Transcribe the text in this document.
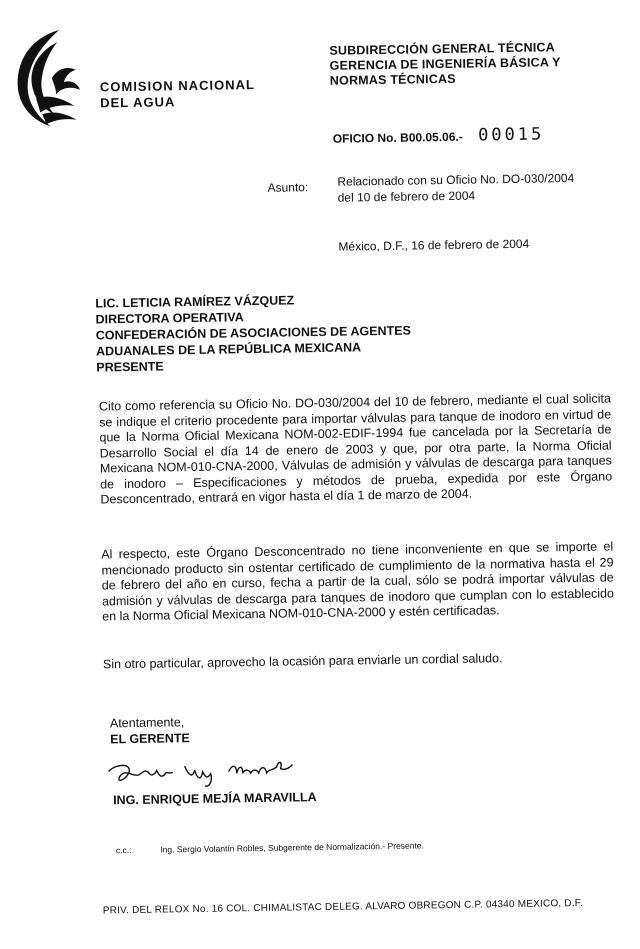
COMISION NACIONAL
DEL AGUA
SUBDIRECCIÓN GENERAL TÉCNICA
GERENCIA DE INGENIERÍA BÁSICA Y
NORMAS TÉCNICAS
OFICIO No. B00.05.06.- 00015
Asunto: Relacionado con su Oficio No. DO-030/2004
del 10 de febrero de 2004
México, D.F., 16 de febrero de 2004
LIC. LETICIA RAMÍREZ VÁZQUEZ
DIRECTORA OPERATIVA
CONFEDERACIÓN DE ASOCIACIONES DE AGENTES
ADUANALES DE LA REPÚBLICA MEXICANA
PRESENTE
Cito como referencia su Oficio No. DO-030/2004 del 10 de febrero, mediante el cual solicita se indique el criterio procedente para importar válvulas para tanque de inodoro en virtud de que la Norma Oficial Mexicana NOM-002-EDIF-1994 fue cancelada por la Secretaría de Desarrollo Social el día 14 de enero de 2003 y que, por otra parte, la Norma Oficial Mexicana NOM-010-CNA-2000, Válvulas de admisión y válvulas de descarga para tanques de inodoro – Especificaciones y métodos de prueba, expedida por este Órgano Desconcentrado, entrará en vigor hasta el día 1 de marzo de 2004.
Al respecto, este Órgano Desconcentrado no tiene inconveniente en que se importe el mencionado producto sin ostentar certificado de cumplimiento de la normativa hasta el 29 de febrero del año en curso, fecha a partir de la cual, sólo se podrá importar válvulas de admisión y válvulas de descarga para tanques de inodoro que cumplan con lo establecido en la Norma Oficial Mexicana NOM-010-CNA-2000 y estén certificadas.
Sin otro particular, aprovecho la ocasión para enviarle un cordial saludo.
Atentamente,
EL GERENTE
ING. ENRIQUE MEJÍA MARAVILLA
c.c.:	Ing. Sergio Volantín Robles, Subgerente de Normalización.- Presente.
PRIV. DEL RELOX No. 16 COL. CHIMALISTAC DELEG. ALVARO OBREGON C.P. 04340 MEXICO, D.F.
